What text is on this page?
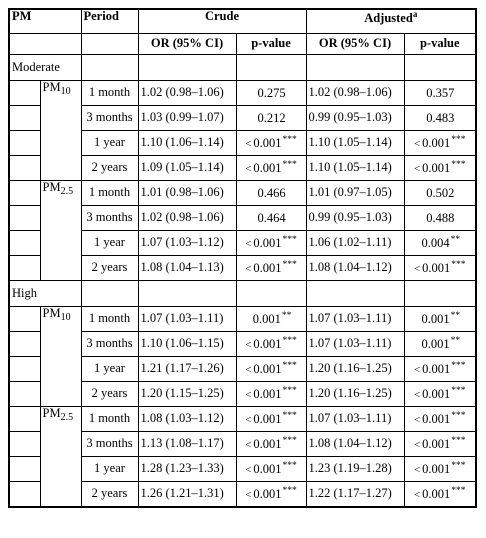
PM		Period	Crude		Adjusted$^a$
			OR (95% CI)	p-value	OR (95% CI)	p-value
Moderate						
	$PM_{10}$	1 month	1.02 (0.98–1.06)	0.275	1.02 (0.98–1.06)	0.357
		3 months	1.03 (0.99–1.07)	0.212	0.99 (0.95–1.03)	0.483
		1 year	1.10 (1.06–1.14)	< 0.001***	1.10 (1.05–1.14)	< 0.001***
		2 years	1.09 (1.05–1.14)	< 0.001***	1.10 (1.05–1.14)	< 0.001***
	$PM_{2.5}$	1 month	1.01 (0.98–1.06)	0.466	1.01 (0.97–1.05)	0.502
		3 months	1.02 (0.98–1.06)	0.464	0.99 (0.95–1.03)	0.488
		1 year	1.07 (1.03–1.12)	< 0.001***	1.06 (1.02–1.11)	0.004**
		2 years	1.08 (1.04–1.13)	< 0.001***	1.08 (1.04–1.12)	< 0.001***
High						
	$PM_{10}$	1 month	1.07 (1.03–1.11)	0.001**	1.07 (1.03–1.11)	0.001**
		3 months	1.10 (1.06–1.15)	< 0.001***	1.07 (1.03–1.11)	0.001**
		1 year	1.21 (1.17–1.26)	< 0.001***	1.20 (1.16–1.25)	< 0.001***
		2 years	1.20 (1.15–1.25)	< 0.001***	1.20 (1.16–1.25)	< 0.001***
	$PM_{2.5}$	1 month	1.08 (1.03–1.12)	< 0.001***	1.07 (1.03–1.11)	< 0.001***
		3 months	1.13 (1.08–1.17)	< 0.001***	1.08 (1.04–1.12)	< 0.001***
		1 year	1.28 (1.23–1.33)	< 0.001***	1.23 (1.19–1.28)	< 0.001***
		2 years	1.26 (1.21–1.31)	< 0.001***	1.22 (1.17–1.27)	< 0.001***
